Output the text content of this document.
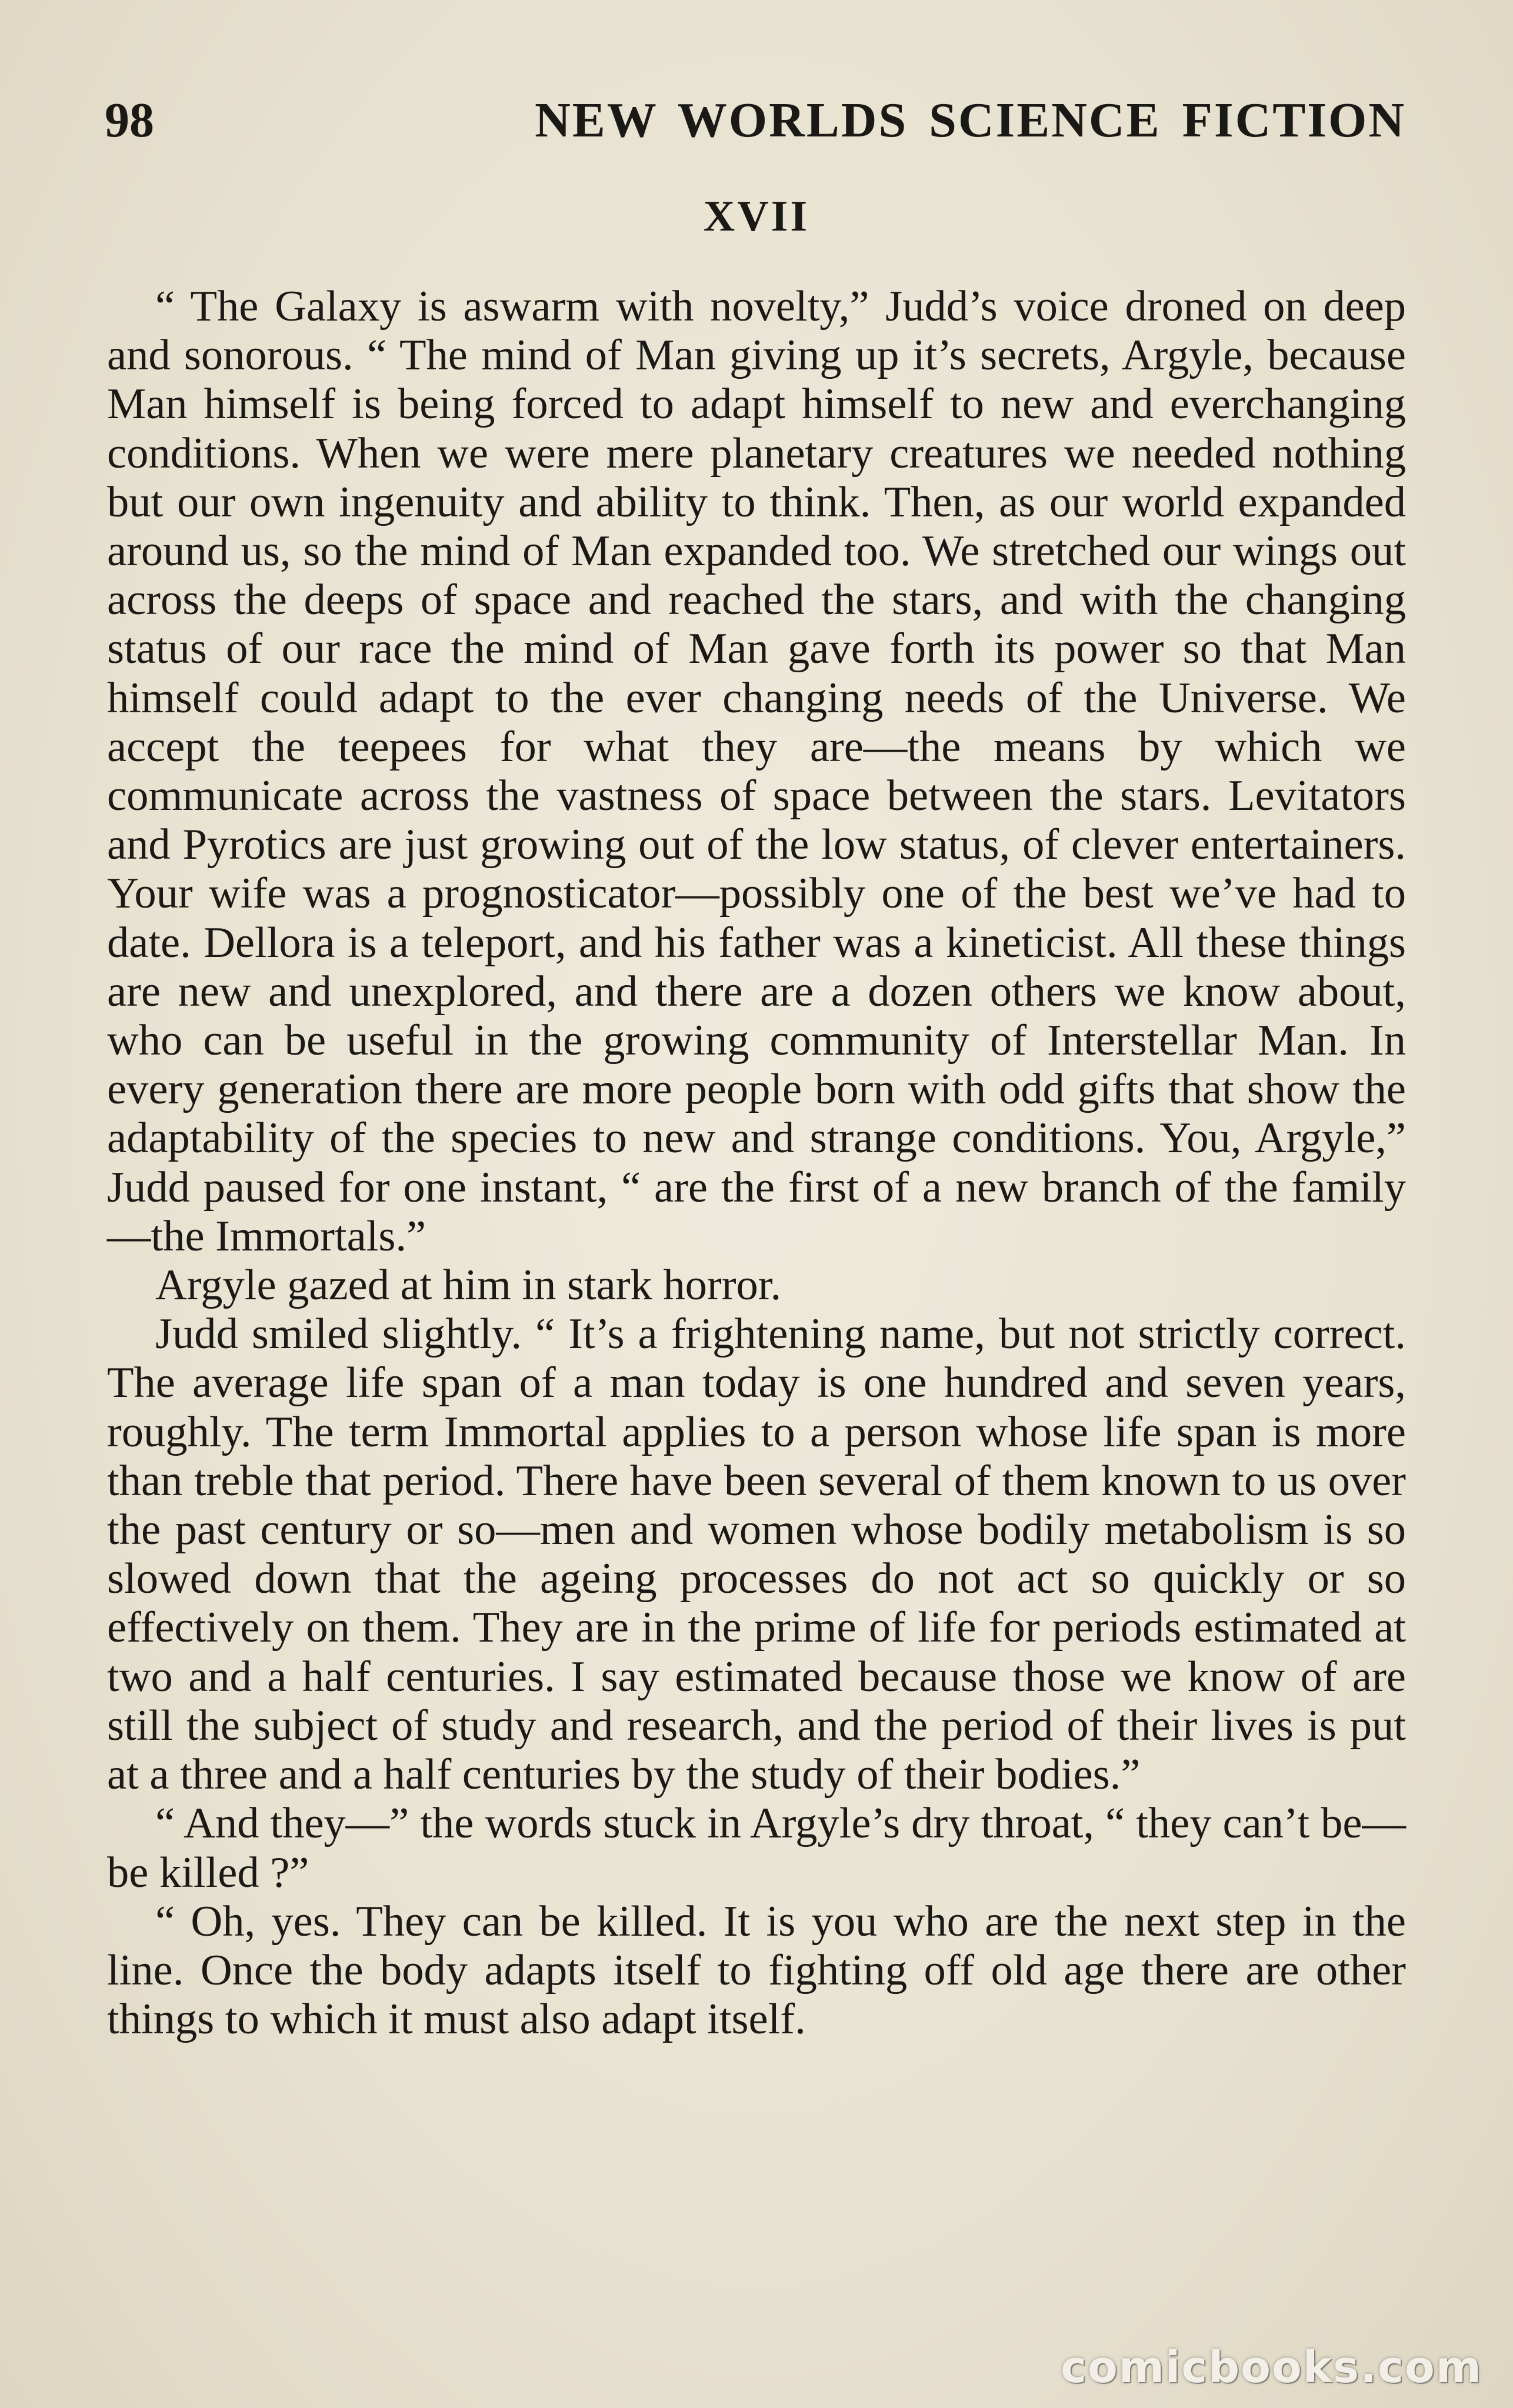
98	NEW WORLDS SCIENCE FICTION
XVII

“ The Galaxy is aswarm with novelty,” Judd’s voice droned on deep and sonorous. “ The mind of Man giving up it’s secrets, Argyle, because Man himself is being forced to adapt himself to new and everchanging conditions. When we were mere planetary creatures we needed nothing but our own ingenuity and ability to think. Then, as our world expanded around us, so the mind of Man expanded too. We stretched our wings out across the deeps of space and reached the stars, and with the changing status of our race the mind of Man gave forth its power so that Man himself could adapt to the ever changing needs of the Universe. We accept the teepees for what they are—the means by which we communicate across the vastness of space between the stars. Levitators and Pyrotics are just growing out of the low status, of clever entertainers. Your wife was a prognosticator—possibly one of the best we’ve had to date. Dellora is a teleport, and his father was a kineticist. All these things are new and unexplored, and there are a dozen others we know about, who can be useful in the growing community of Interstellar Man. In every generation there are more people born with odd gifts that show the adaptability of the species to new and strange conditions. You, Argyle,” Judd paused for one instant, “ are the first of a new branch of the family—the Immortals.”

Argyle gazed at him in stark horror.

Judd smiled slightly. “ It’s a frightening name, but not strictly correct. The average life span of a man today is one hundred and seven years, roughly. The term Immortal applies to a person whose life span is more than treble that period. There have been several of them known to us over the past century or so—men and women whose bodily metabolism is so slowed down that the ageing processes do not act so quickly or so effectively on them. They are in the prime of life for periods estimated at two and a half centuries. I say estimated because those we know of are still the subject of study and research, and the period of their lives is put at a three and a half centuries by the study of their bodies.”

“ And they—” the words stuck in Argyle’s dry throat, “ they can’t be—be killed ?”

“ Oh, yes. They can be killed. It is you who are the next step in the line. Once the body adapts itself to fighting off old age there are other things to which it must also adapt itself.

comicbooks.com
